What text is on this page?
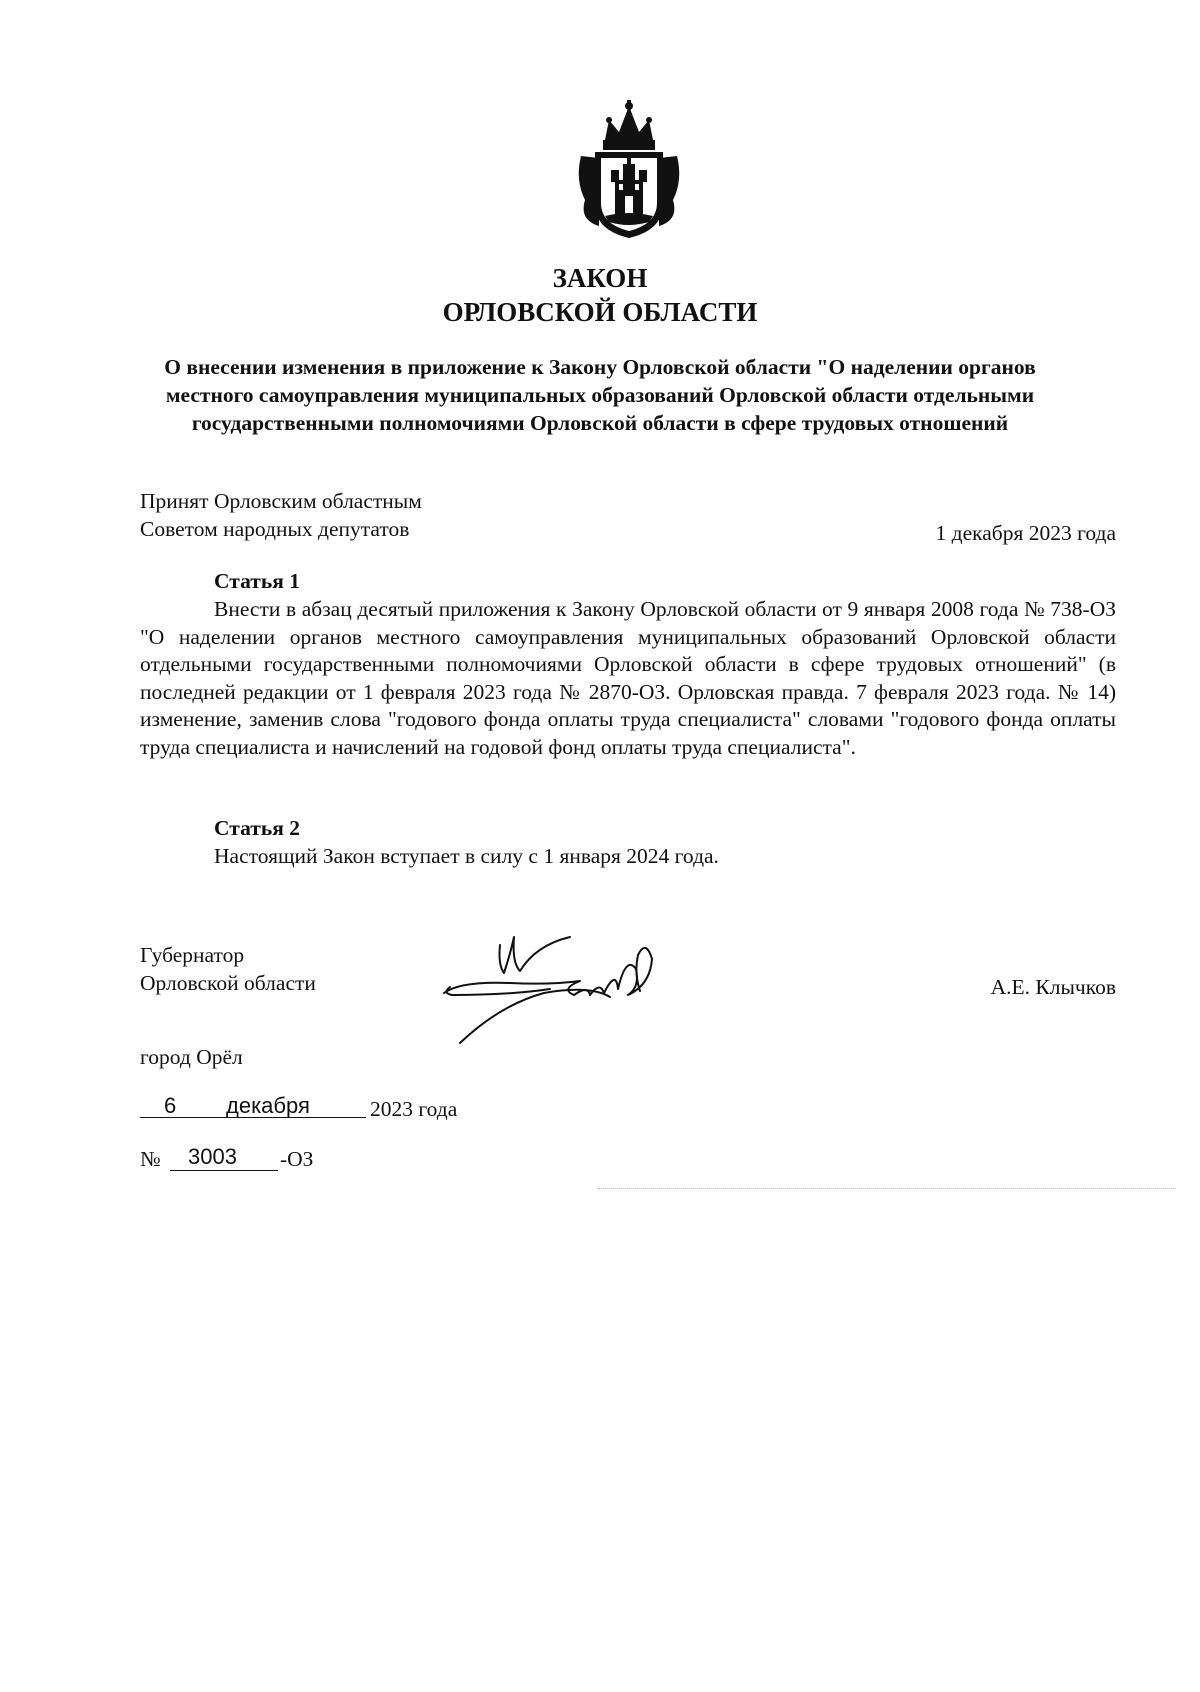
ЗАКОН
ОРЛОВСКОЙ ОБЛАСТИ
О внесении изменения в приложение к Закону Орловской области "О наделении органов местного самоуправления муниципальных образований Орловской области отдельными государственными полномочиями Орловской области в сфере трудовых отношений
Принят Орловским областным
Советом народных депутатов	1 декабря 2023 года
Статья 1
Внести в абзац десятый приложения к Закону Орловской области от 9 января 2008 года № 738-ОЗ "О наделении органов местного самоуправления муниципальных образований Орловской области отдельными государственными полномочиями Орловской области в сфере трудовых отношений" (в последней редакции от 1 февраля 2023 года № 2870-ОЗ. Орловская правда. 7 февраля 2023 года. № 14) изменение, заменив слова "годового фонда оплаты труда специалиста" словами "годового фонда оплаты труда специалиста и начислений на годовой фонд оплаты труда специалиста".
Статья 2
Настоящий Закон вступает в силу с 1 января 2024 года.
Губернатор
Орловской области	А.Е. Клычков
город Орёл
6 декабря	2023 года
№ 3003 -ОЗ
